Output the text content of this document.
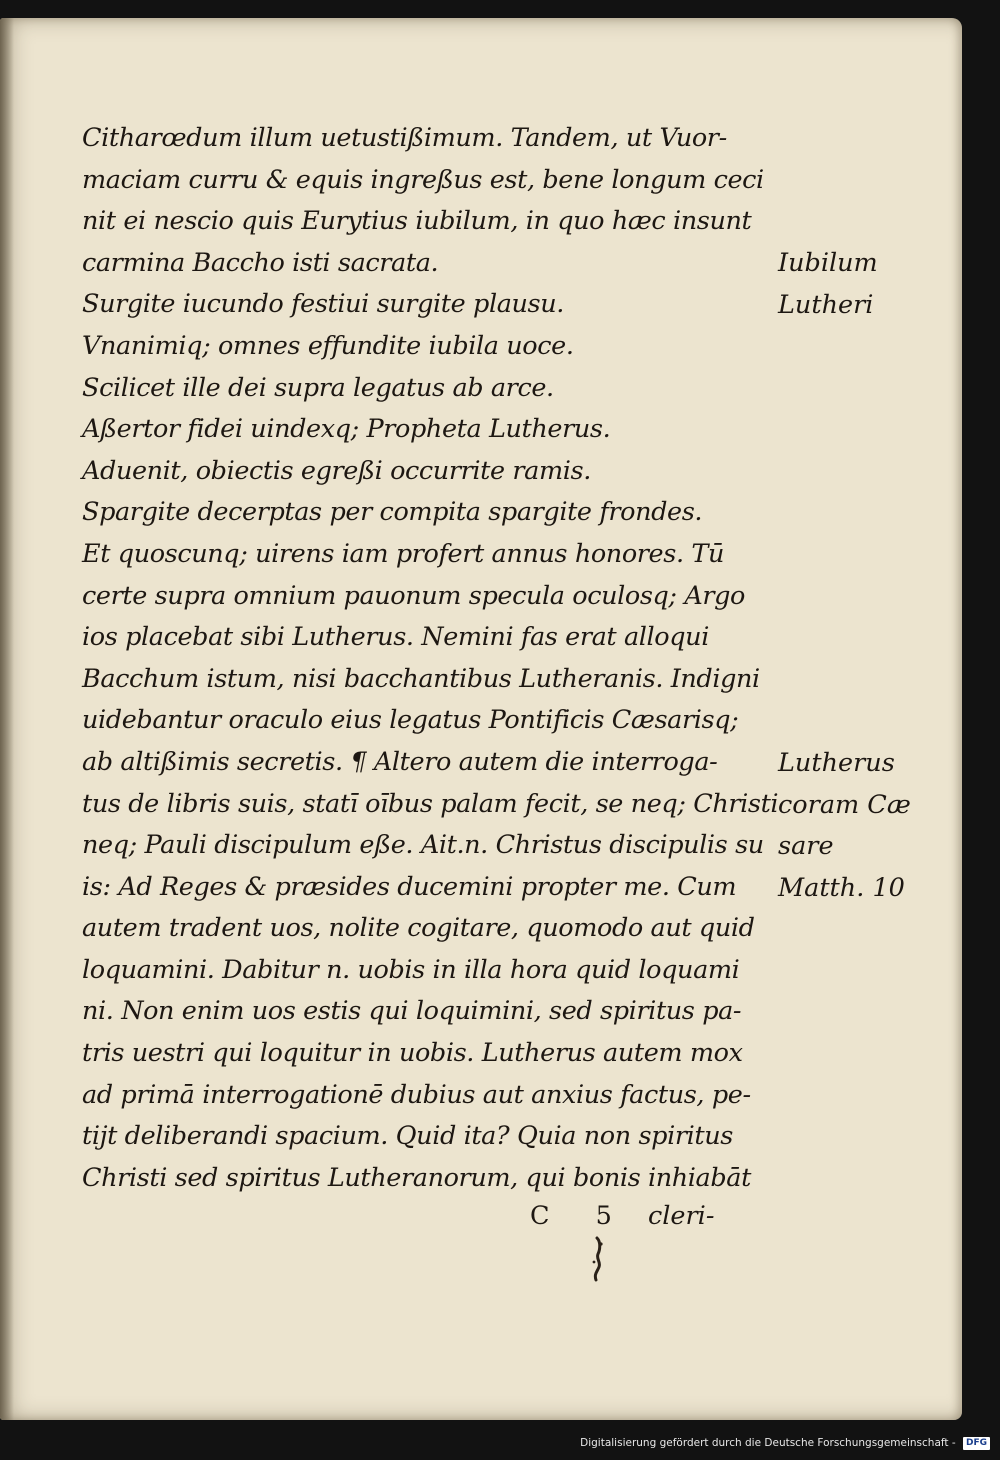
Citharœdum illum uetustißimum. Tandem, ut Vuor-
maciam curru & equis ingreßus est, bene longum ceci
nit ei nescio quis Eurytius iubilum, in quo hæc insunt
carmina Baccho isti sacrata.
Surgite iucundo festiui surgite plausu.
Vnanimiq; omnes effundite iubila uoce.
Scilicet ille dei supra legatus ab arce.
Aßertor fidei uindexq; Propheta Lutherus.
Aduenit, obiectis egreßi occurrite ramis.
Spargite decerptas per compita spargite frondes.
Et quoscunq; uirens iam profert annus honores. Tū
certe supra omnium pauonum specula oculosq; Argo
ios placebat sibi Lutherus. Nemini fas erat alloqui
Bacchum istum, nisi bacchantibus Lutheranis. Indigni
uidebantur oraculo eius legatus Pontificis Cæsarisq;
ab altißimis secretis. ¶ Altero autem die interroga-
tus de libris suis, statī oībus palam fecit, se neq; Christi
neq; Pauli discipulum eße. Ait.n. Christus discipulis su
is: Ad Reges & præsides ducemini propter me. Cum
autem tradent uos, nolite cogitare, quomodo aut quid
loquamini. Dabitur n. uobis in illa hora quid loquami
ni. Non enim uos estis qui loquimini, sed spiritus pa-
tris uestri qui loquitur in uobis. Lutherus autem mox
ad primā interrogationē dubius aut anxius factus, pe-
tijt deliberandi spacium. Quid ita? Quia non spiritus
Christi sed spiritus Lutheranorum, qui bonis inhiabāt
Iubilum
Lutheri
Lutherus
coram Cæ
sare
Matth. 10
C 5 cleri-
Digitalisierung gefördert durch die Deutsche Forschungsgemeinschaft - DFG
